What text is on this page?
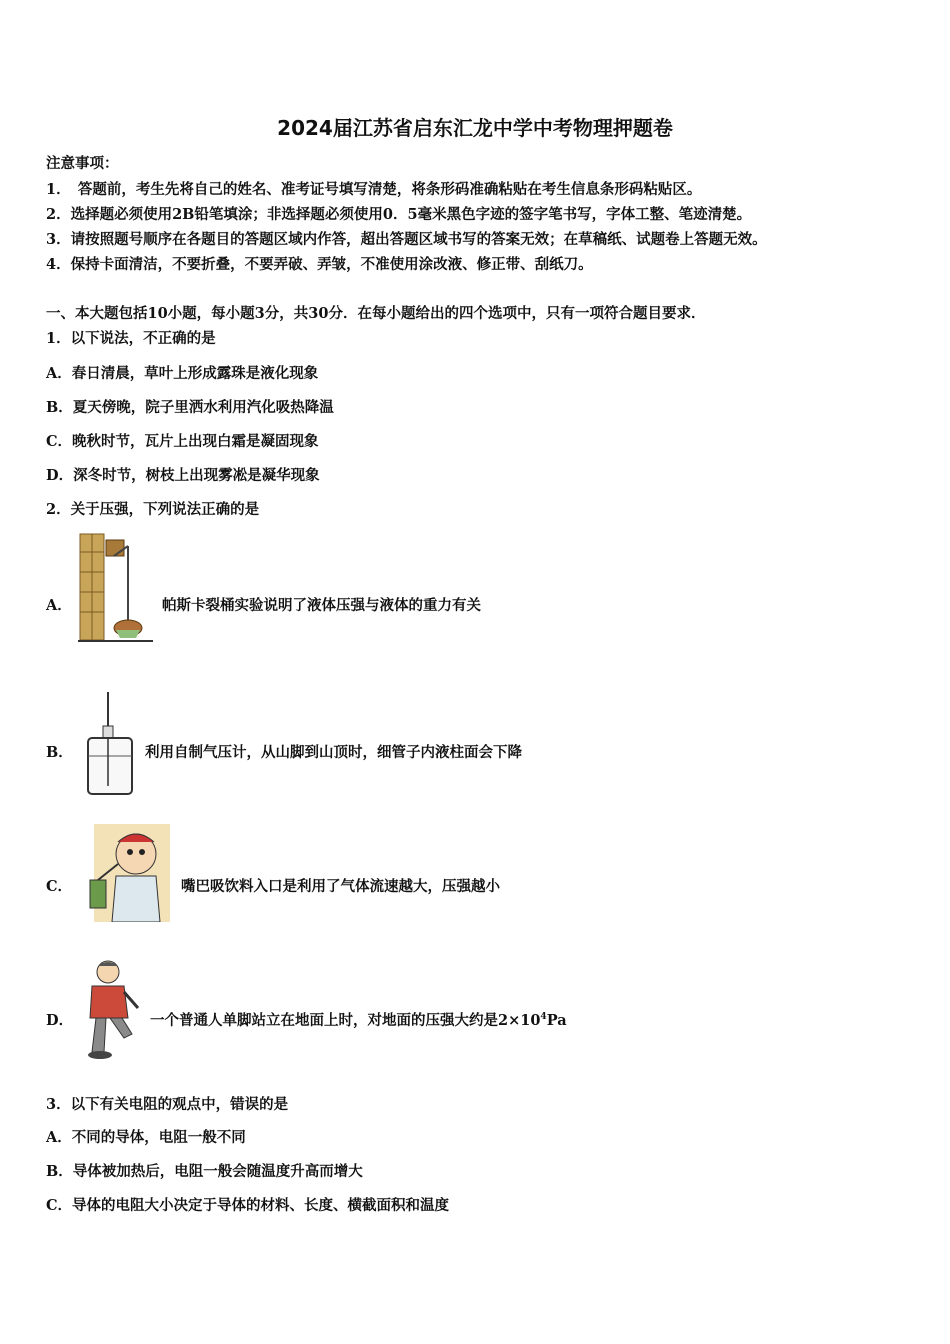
2024届江苏省启东汇龙中学中考物理押题卷
注意事项：
1．　答题前，考生先将自己的姓名、准考证号填写清楚，将条形码准确粘贴在考生信息条形码粘贴区。
2．选择题必须使用2B铅笔填涂；非选择题必须使用0．5毫米黑色字迹的签字笔书写，字体工整、笔迹清楚。
3．请按照题号顺序在各题目的答题区域内作答，超出答题区域书写的答案无效；在草稿纸、试题卷上答题无效。
4．保持卡面清洁，不要折叠，不要弄破、弄皱，不准使用涂改液、修正带、刮纸刀。
一、本大题包括10小题，每小题3分，共30分．在每小题给出的四个选项中，只有一项符合题目要求．
1．以下说法，不正确的是
A．春日清晨，草叶上形成露珠是液化现象
B．夏天傍晚，院子里洒水利用汽化吸热降温
C．晚秋时节，瓦片上出现白霜是凝固现象
D．深冬时节，树枝上出现雾凇是凝华现象
2．关于压强，下列说法正确的是
A．	帕斯卡裂桶实验说明了液体压强与液体的重力有关
B．	利用自制气压计，从山脚到山顶时，细管子内液柱面会下降
C．	嘴巴吸饮料入口是利用了气体流速越大，压强越小
D．	一个普通人单脚站立在地面上时，对地面的压强大约是$2\times 10^4Pa$
3．以下有关电阻的观点中，错误的是
A．不同的导体，电阻一般不同
B．导体被加热后，电阻一般会随温度升高而增大
C．导体的电阻大小决定于导体的材料、长度、横截面积和温度
